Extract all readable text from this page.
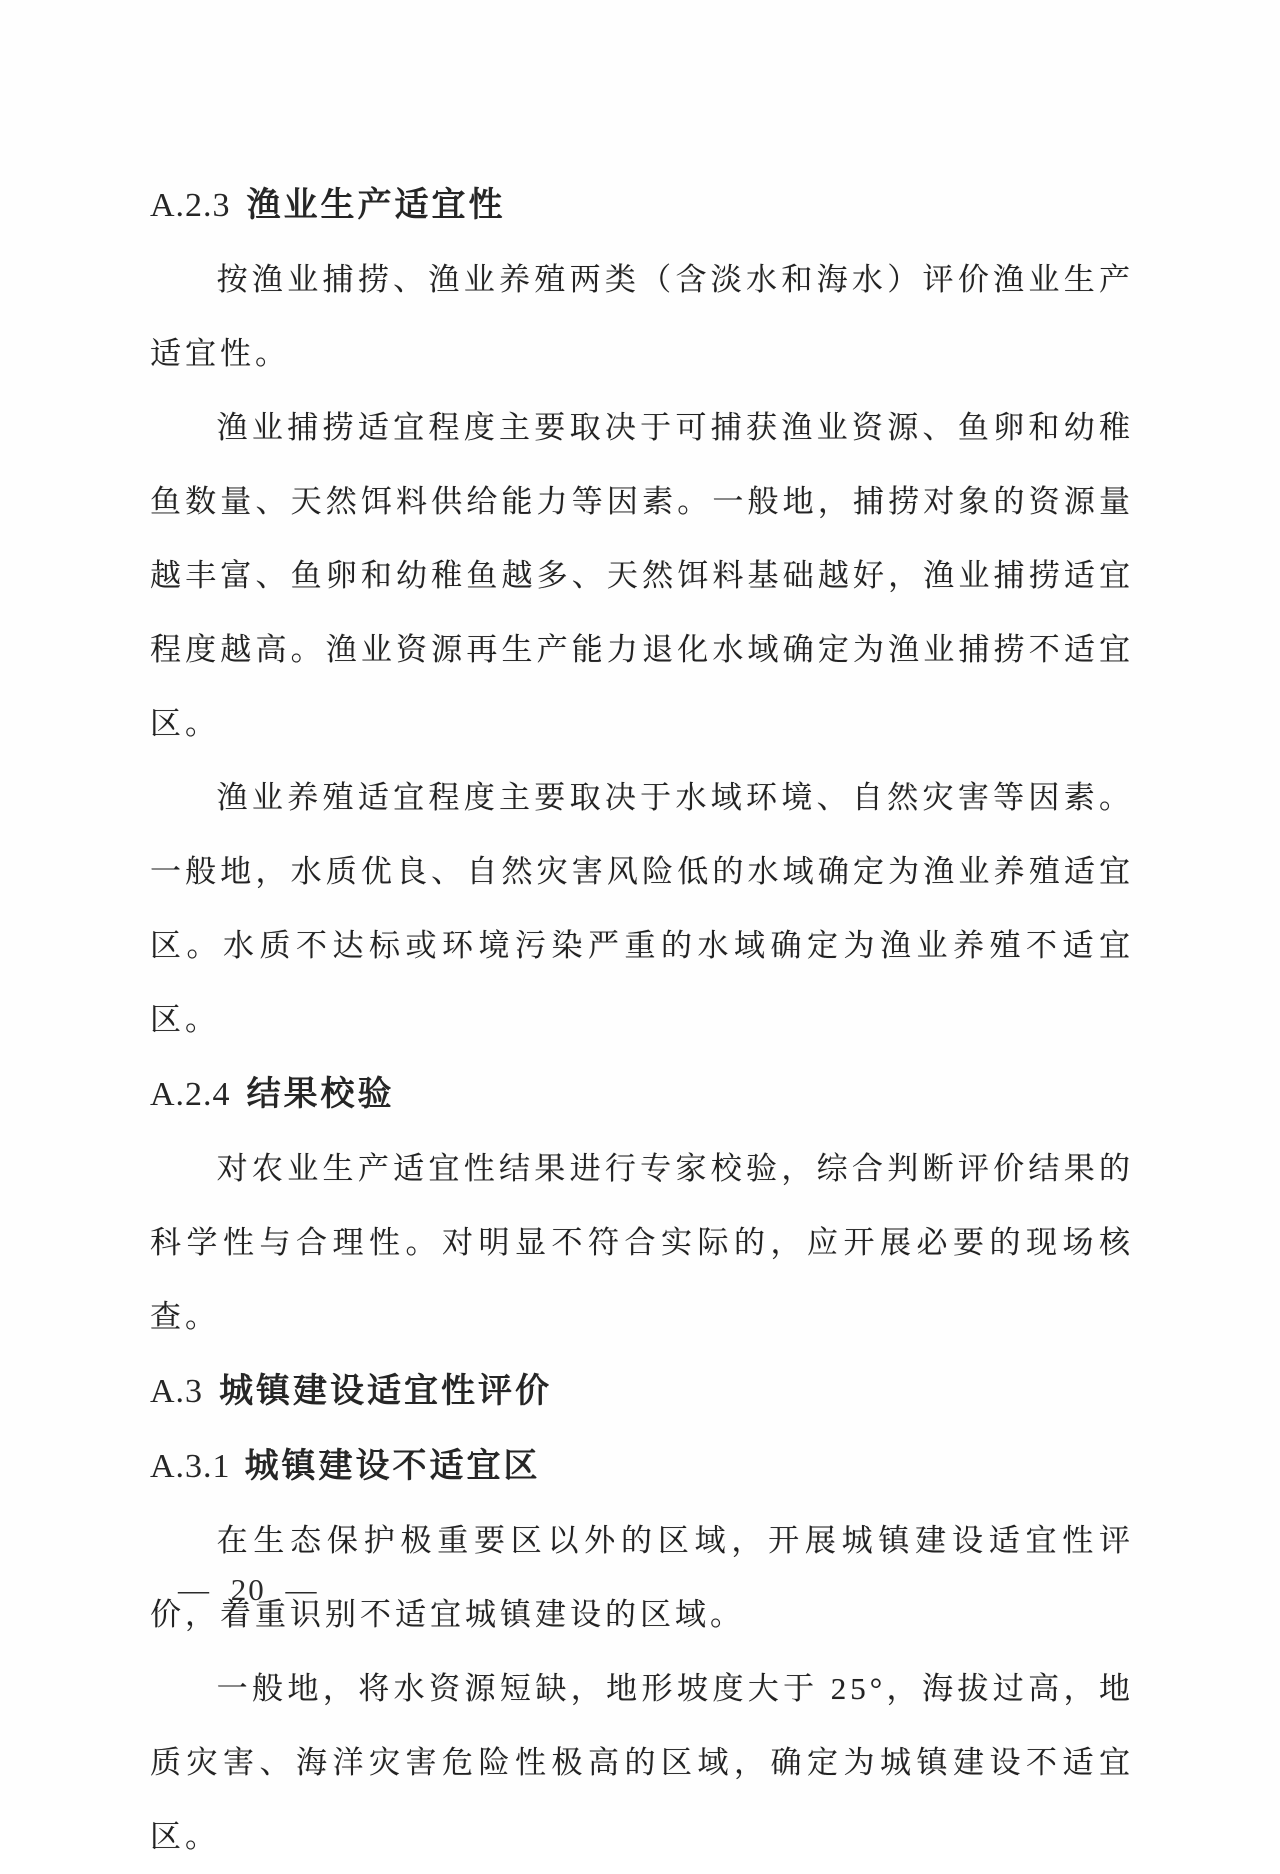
A.2.3 渔业生产适宜性

按渔业捕捞、渔业养殖两类（含淡水和海水）评价渔业生产适宜性。

渔业捕捞适宜程度主要取决于可捕获渔业资源、鱼卵和幼稚鱼数量、天然饵料供给能力等因素。一般地，捕捞对象的资源量越丰富、鱼卵和幼稚鱼越多、天然饵料基础越好，渔业捕捞适宜程度越高。渔业资源再生产能力退化水域确定为渔业捕捞不适宜区。

渔业养殖适宜程度主要取决于水域环境、自然灾害等因素。一般地，水质优良、自然灾害风险低的水域确定为渔业养殖适宜区。水质不达标或环境污染严重的水域确定为渔业养殖不适宜区。

A.2.4 结果校验

对农业生产适宜性结果进行专家校验，综合判断评价结果的科学性与合理性。对明显不符合实际的，应开展必要的现场核查。

A.3 城镇建设适宜性评价
A.3.1 城镇建设不适宜区

在生态保护极重要区以外的区域，开展城镇建设适宜性评价，着重识别不适宜城镇建设的区域。

一般地，将水资源短缺，地形坡度大于 25°，海拔过高，地质灾害、海洋灾害危险性极高的区域，确定为城镇建设不适宜区。

— 20 —
